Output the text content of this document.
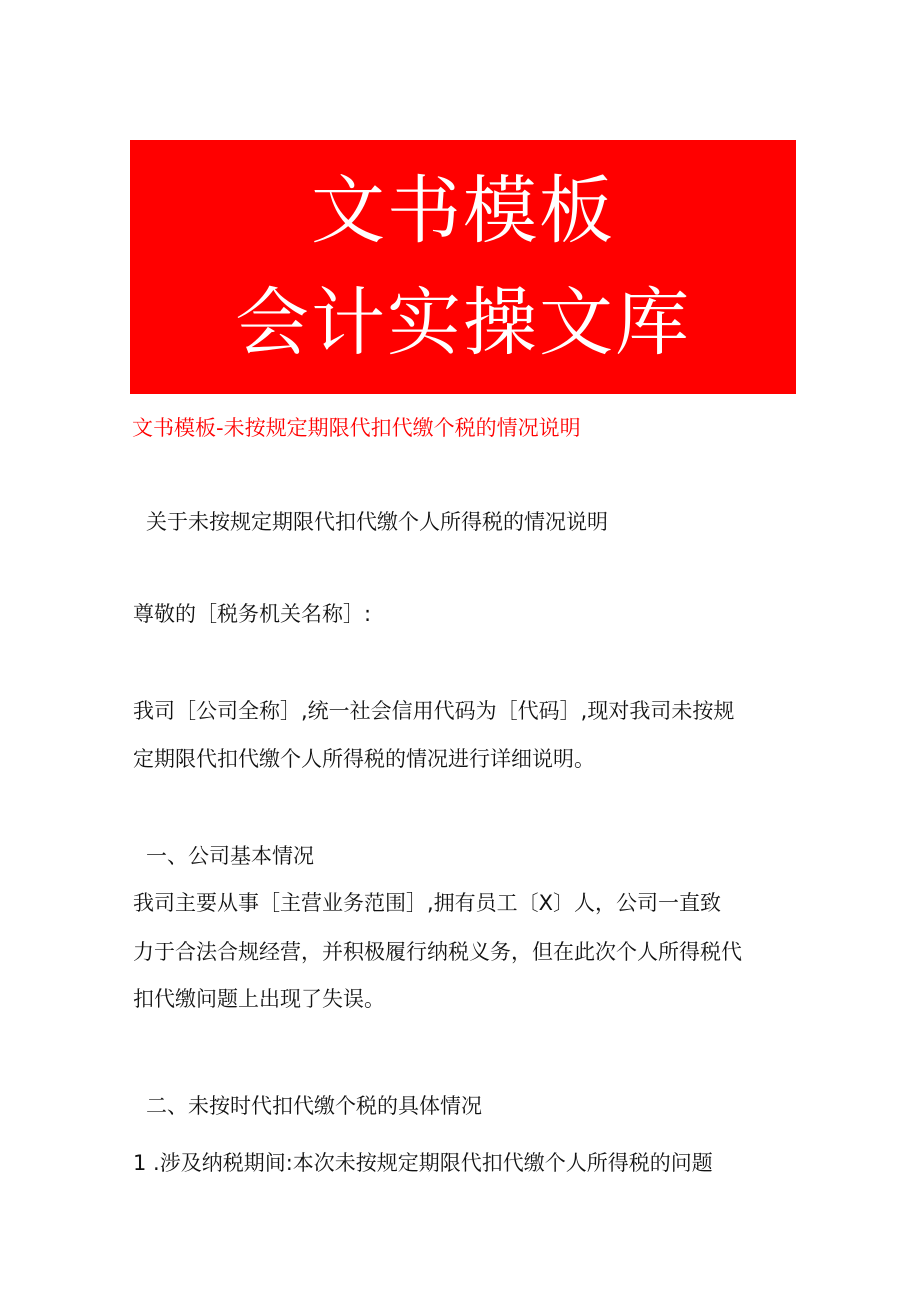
文书模板
会计实操文库
文书模板-未按规定期限代扣代缴个税的情况说明
关于未按规定期限代扣代缴个人所得税的情况说明
尊敬的［税务机关名称］:
我司［公司全称］,统一社会信用代码为［代码］,现对我司未按规
定期限代扣代缴个人所得税的情况进行详细说明。
一、公司基本情况
我司主要从事［主营业务范围］,拥有员工〔X〕人，公司一直致
力于合法合规经营，并积极履行纳税义务，但在此次个人所得税代
扣代缴问题上出现了失误。
二、未按时代扣代缴个税的具体情况
1 .涉及纳税期间:本次未按规定期限代扣代缴个人所得税的问题
